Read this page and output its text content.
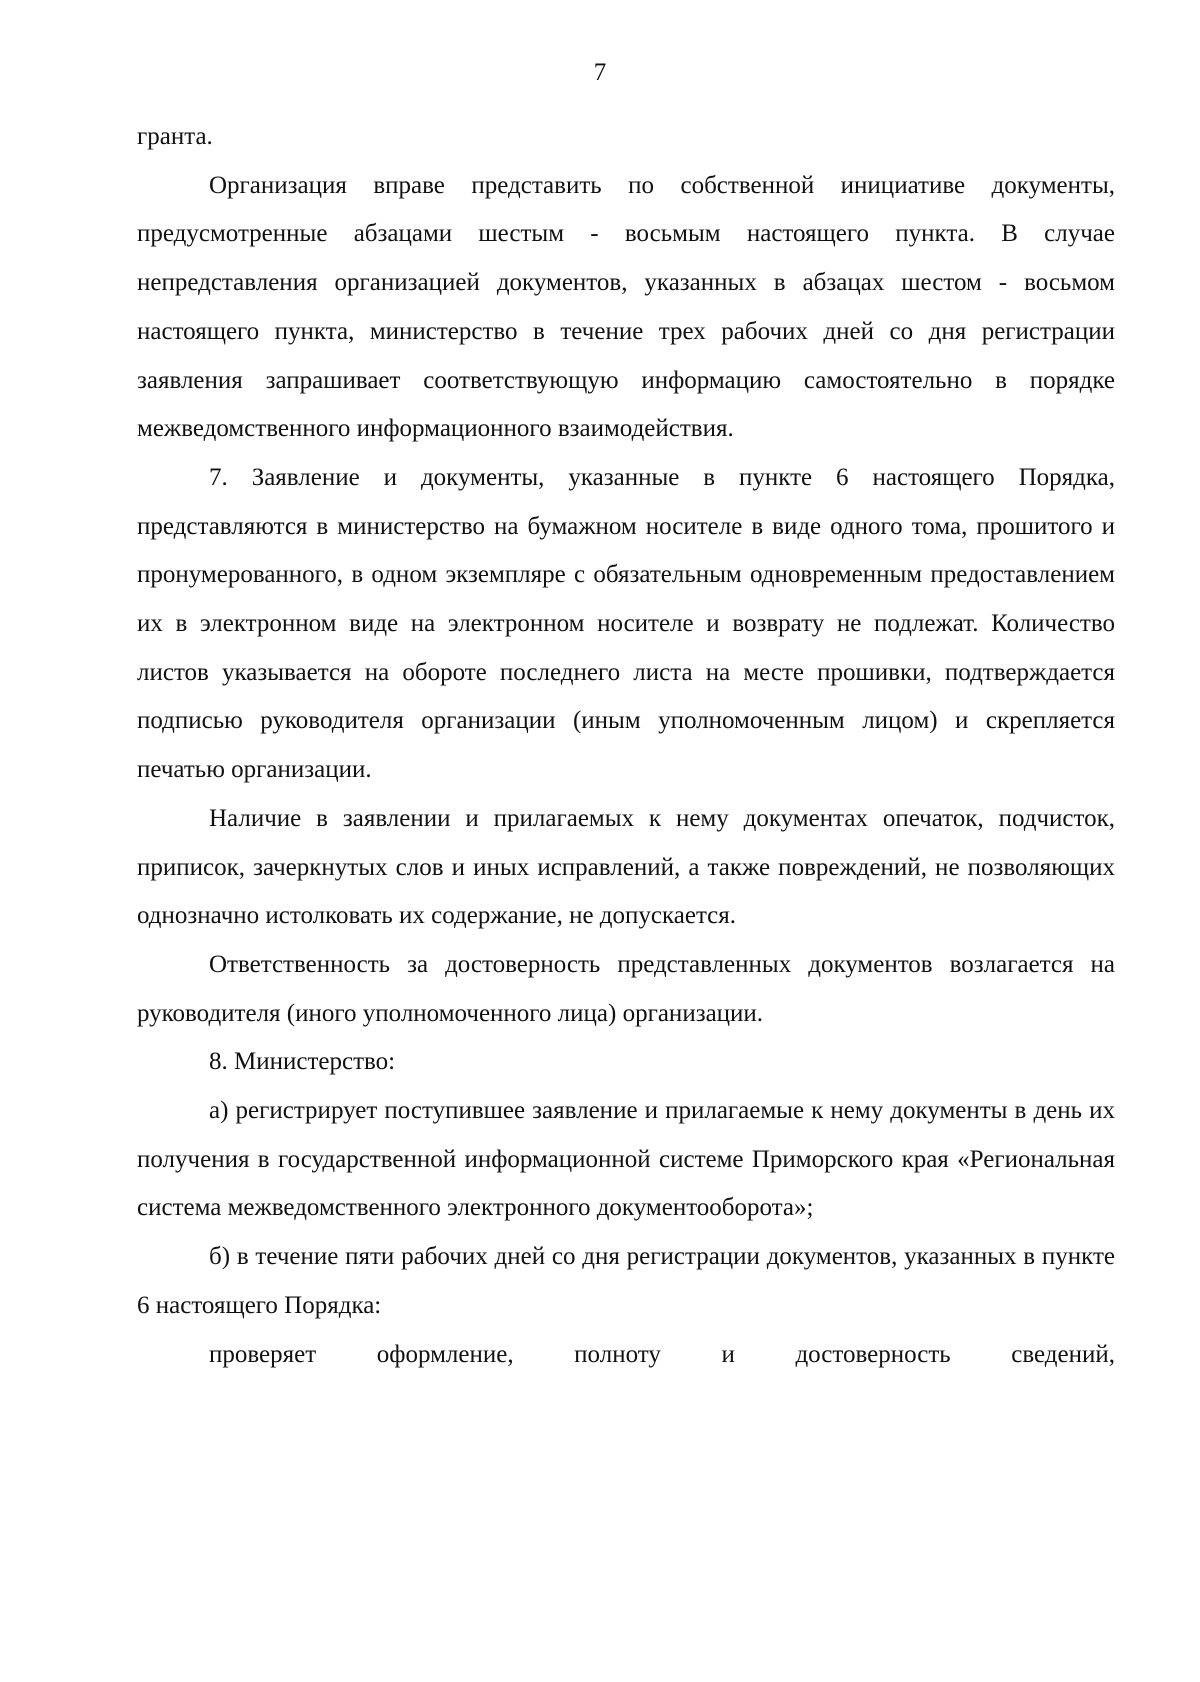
7

гранта.

Организация вправе представить по собственной инициативе документы, предусмотренные абзацами шестым - восьмым настоящего пункта. В случае непредставления организацией документов, указанных в абзацах шестом - восьмом настоящего пункта, министерство в течение трех рабочих дней со дня регистрации заявления запрашивает соответствующую информацию самостоятельно в порядке межведомственного информационного взаимодействия.

7. Заявление и документы, указанные в пункте 6 настоящего Порядка, представляются в министерство на бумажном носителе в виде одного тома, прошитого и пронумерованного, в одном экземпляре с обязательным одновременным предоставлением их в электронном виде на электронном носителе и возврату не подлежат. Количество листов указывается на обороте последнего листа на месте прошивки, подтверждается подписью руководителя организации (иным уполномоченным лицом) и скрепляется печатью организации.

Наличие в заявлении и прилагаемых к нему документах опечаток, подчисток, приписок, зачеркнутых слов и иных исправлений, а также повреждений, не позволяющих однозначно истолковать их содержание, не допускается.

Ответственность за достоверность представленных документов возлагается на руководителя (иного уполномоченного лица) организации.

8. Министерство:

а) регистрирует поступившее заявление и прилагаемые к нему документы в день их получения в государственной информационной системе Приморского края «Региональная система межведомственного электронного документооборота»;

б) в течение пяти рабочих дней со дня регистрации документов, указанных в пункте 6 настоящего Порядка:

проверяет оформление, полноту и достоверность сведений,
